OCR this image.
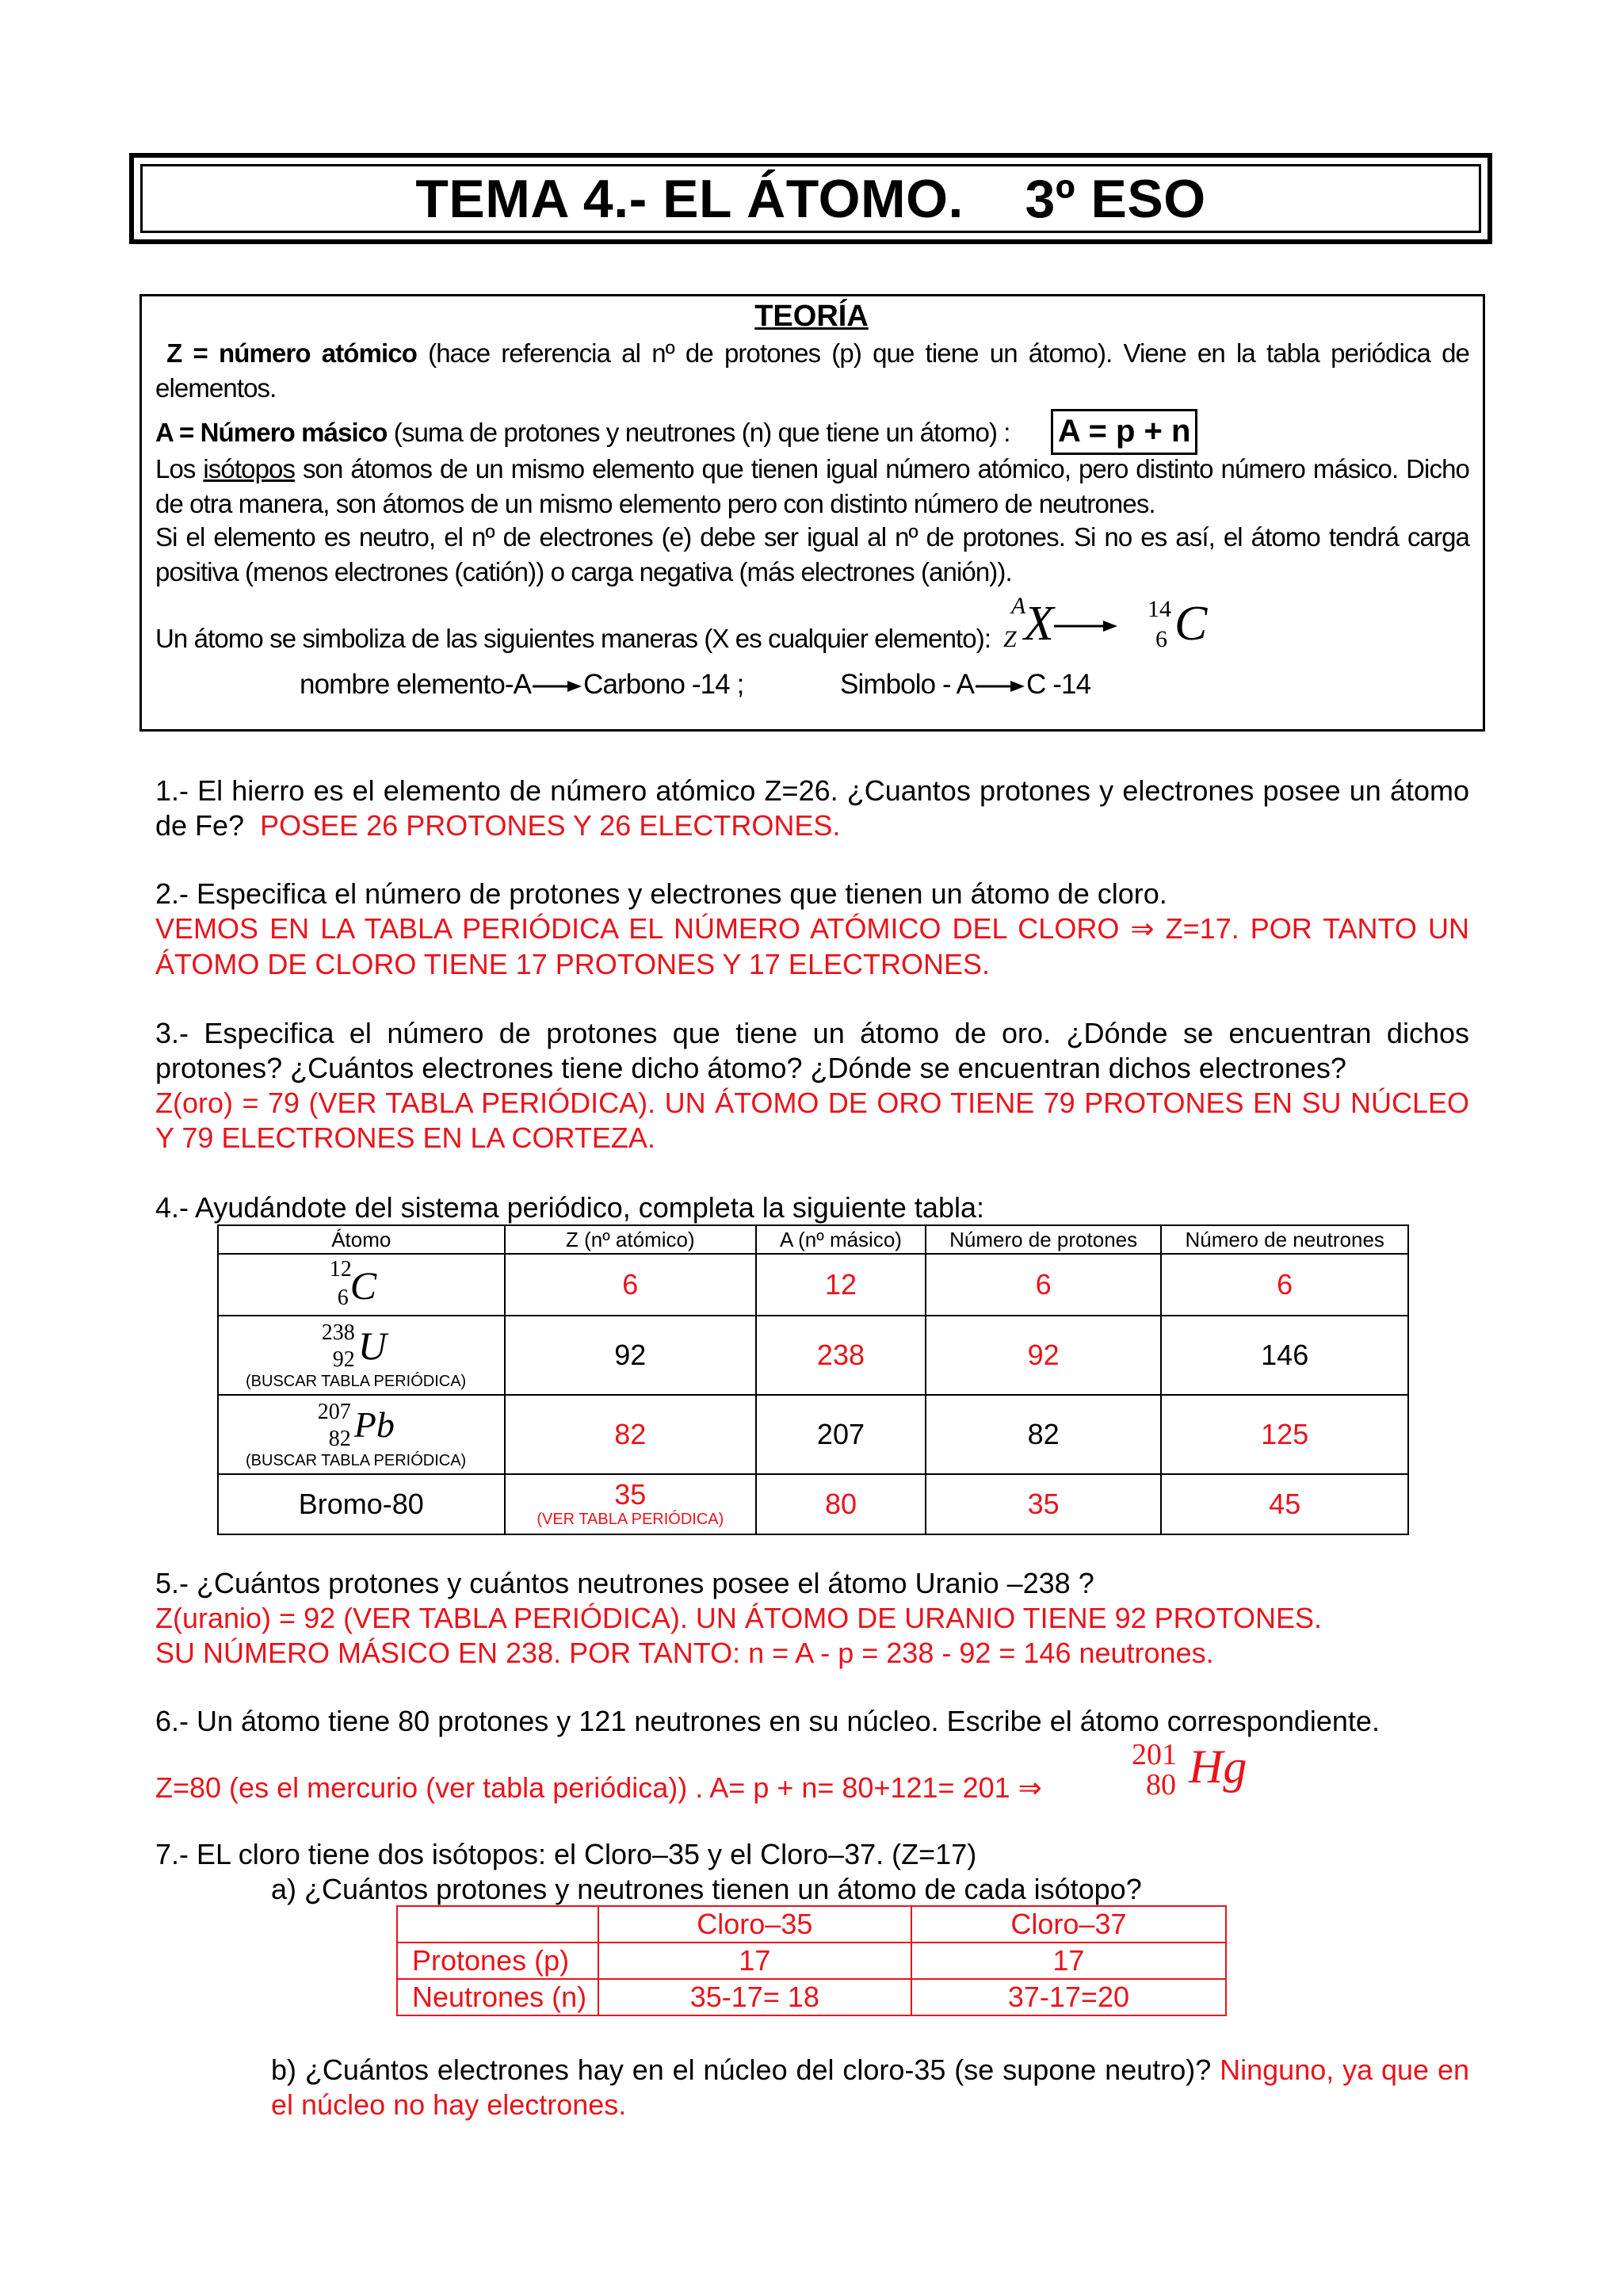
TEMA 4.- EL ÁTOMO.    3º ESO
TEORÍA
Z = número atómico (hace referencia al nº de protones (p) que tiene un átomo). Viene en la tabla periódica de elementos.
A = Número másico (suma de protones y neutrones (n) que tiene un átomo) : A = p + n
Los isótopos son átomos de un mismo elemento que tienen igual número atómico, pero distinto número másico. Dicho de otra manera, son átomos de un mismo elemento pero con distinto número de neutrones.
Si el elemento es neutro, el nº de electrones (e) debe ser igual al nº de protones. Si no es así, el átomo tendrá carga positiva (menos electrones (catión)) o carga negativa (más electrones (anión)).
Un átomo se simboliza de las siguientes maneras (X es cualquier elemento):
A
Z X	14
6 C
nombre elemento-A Carbono -14 ;	Simbolo - A C -14
1.- El hierro es el elemento de número atómico Z=26. ¿Cuantos protones y electrones posee un átomo de Fe? POSEE 26 PROTONES Y 26 ELECTRONES.
2.- Especifica el número de protones y electrones que tienen un átomo de cloro.
VEMOS EN LA TABLA PERIÓDICA EL NÚMERO ATÓMICO DEL CLORO ⇒ Z=17. POR TANTO UN ÁTOMO DE CLORO TIENE 17 PROTONES Y 17 ELECTRONES.
3.- Especifica el número de protones que tiene un átomo de oro. ¿Dónde se encuentran dichos protones? ¿Cuántos electrones tiene dicho átomo? ¿Dónde se encuentran dichos electrones?
Z(oro) = 79 (VER TABLA PERIÓDICA). UN ÁTOMO DE ORO TIENE 79 PROTONES EN SU NÚCLEO Y 79 ELECTRONES EN LA CORTEZA.
4.- Ayudándote del sistema periódico, completa la siguiente tabla:
Átomo	Z (nº atómico)	A (nº másico)	Número de protones	Número de neutrones

12
6 C	6	12	6	6

238
92 U
(BUSCAR TABLA PERIÓDICA)	92	238	92	146

207
82 Pb
(BUSCAR TABLA PERIÓDICA)	82	207	82	125
Bromo-80	35
(VER TABLA PERIÓDICA)	80	35	45
5.- ¿Cuántos protones y cuántos neutrones posee el átomo Uranio –238 ?
Z(uranio) = 92 (VER TABLA PERIÓDICA). UN ÁTOMO DE URANIO TIENE 92 PROTONES.
SU NÚMERO MÁSICO EN 238. POR TANTO: n = A - p = 238 - 92 = 146 neutrones.
6.- Un átomo tiene 80 protones y 121 neutrones en su núcleo. Escribe el átomo correspondiente.
Z=80 (es el mercurio (ver tabla periódica)) . A= p + n= 80+121= 201 ⇒
201
80 Hg
7.- EL cloro tiene dos isótopos: el Cloro–35 y el Cloro–37. (Z=17)
a) ¿Cuántos protones y neutrones tienen un átomo de cada isótopo?
	Cloro–35	Cloro–37
Protones (p)	17	17
Neutrones (n)	35-17= 18	37-17=20
b) ¿Cuántos electrones hay en el núcleo del cloro-35 (se supone neutro)? Ninguno, ya que en el núcleo no hay electrones.
